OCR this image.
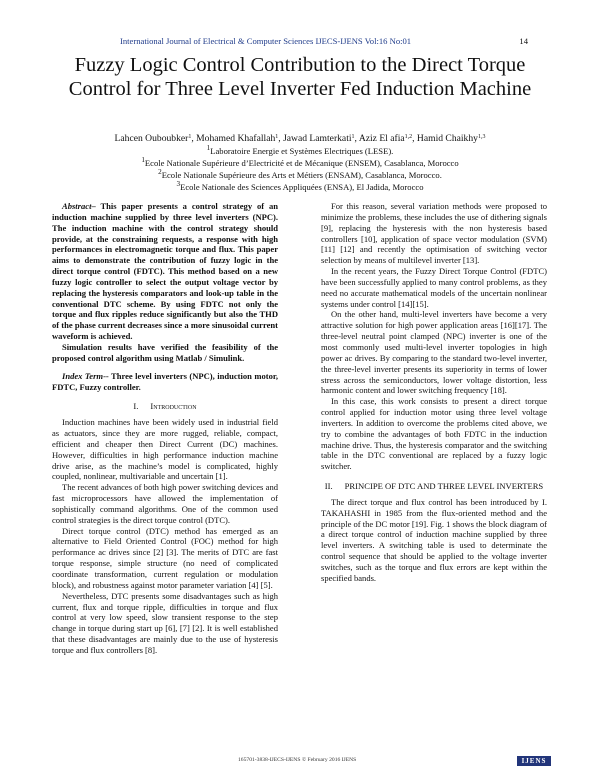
International Journal of Electrical & Computer Sciences IJECS-IJENS Vol:16 No:01	14
Fuzzy Logic Control Contribution to the Direct Torque Control for Three Level Inverter Fed Induction Machine
Lahcen Ouboubker$^1$, Mohamed Khafallah$^1$, Jawad Lamterkati$^1$, Aziz El afia$^{1,2}$, Hamid Chaikhy$^{1,3}$
$^1$Laboratoire Energie et Systèmes Electriques (LESE).
$^1$Ecole Nationale Supérieure d’Electricité et de Mécanique (ENSEM), Casablanca, Morocco
$^2$Ecole Nationale Supérieure des Arts et Métiers (ENSAM), Casablanca, Morocco.
$^3$Ecole Nationale des Sciences Appliquées (ENSA), El Jadida, Morocco

Abstract– This paper presents a control strategy of an induction machine supplied by three level inverters (NPC). The induction machine with the control strategy should provide, at the constraining requests, a response with high performances in electromagnetic torque and flux. This paper aims to demonstrate the contribution of fuzzy logic in the direct torque control (FDTC). This method based on a new fuzzy logic controller to select the output voltage vector by replacing the hysteresis comparators and look-up table in the conventional DTC scheme. By using FDTC not only the torque and flux ripples reduce significantly but also the THD of the phase current decreases since a more sinusoidal current waveform is achieved.

Simulation results have verified the feasibility of the proposed control algorithm using Matlab / Simulink.

Index Term-- Three level inverters (NPC), induction motor, FDTC, Fuzzy controller.

I. Introduction

Induction machines have been widely used in industrial field as actuators, since they are more rugged, reliable, compact, efficient and cheaper then Direct Current (DC) machines. However, difficulties in high performance induction machine drive arise, as the machine’s model is complicated, highly coupled, nonlinear, multivariable and uncertain [1].

The recent advances of both high power switching devices and fast microprocessors have allowed the implementation of sophistically command algorithms. One of the common used control strategies is the direct torque control (DTC).

Direct torque control (DTC) method has emerged as an alternative to Field Oriented Control (FOC) method for high performance ac drives since [2] [3]. The merits of DTC are fast torque response, simple structure (no need of complicated coordinate transformation, current regulation or modulation block), and robustness against motor parameter variation [4] [5].

Nevertheless, DTC presents some disadvantages such as high current, flux and torque ripple, difficulties in torque and flux control at very low speed, slow transient response to the step change in torque during start up [6], [7] [2]. It is well established that these disadvantages are mainly due to the use of hysteresis torque and flux controllers [8].

For this reason, several variation methods were proposed to minimize the problems, these includes the use of dithering signals [9], replacing the hysteresis with the non hysteresis based controllers [10], application of space vector modulation (SVM) [11] [12] and recently the optimisation of switching vector selection by means of multilevel inverter [13].

In the recent years, the Fuzzy Direct Torque Control (FDTC) have been successfully applied to many control problems, as they need no accurate mathematical models of the uncertain nonlinear systems under control [14][15].

On the other hand, multi-level inverters have become a very attractive solution for high power application areas [16][17]. The three-level neutral point clamped (NPC) inverter is one of the most commonly used multi-level inverter topologies in high power ac drives. By comparing to the standard two-level inverter, the three-level inverter presents its superiority in terms of lower stress across the semiconductors, lower voltage distortion, less harmonic content and lower switching frequency [18].

In this case, this work consists to present a direct torque control applied for induction motor using three level voltage inverters. In addition to overcome the problems cited above, we try to combine the advantages of both FDTC in the induction machine drive. Thus, the hysteresis comparator and the switching table in the DTC conventional are replaced by a fuzzy logic switcher.

II. PRINCIPE OF DTC AND THREE LEVEL INVERTERS

The direct torque and flux control has been introduced by I. TAKAHASHI in 1985 from the flux-oriented method and the principle of the DC motor [19]. Fig. 1 shows the block diagram of a direct torque control of induction machine supplied by three level inverters. A switching table is used to determinate the control sequence that should be applied to the voltage inverter switches, such as the torque and flux errors are kept within the specified bands.

165701-3838-IJECS-IJENS © February 2016 IJENS	IJENS
